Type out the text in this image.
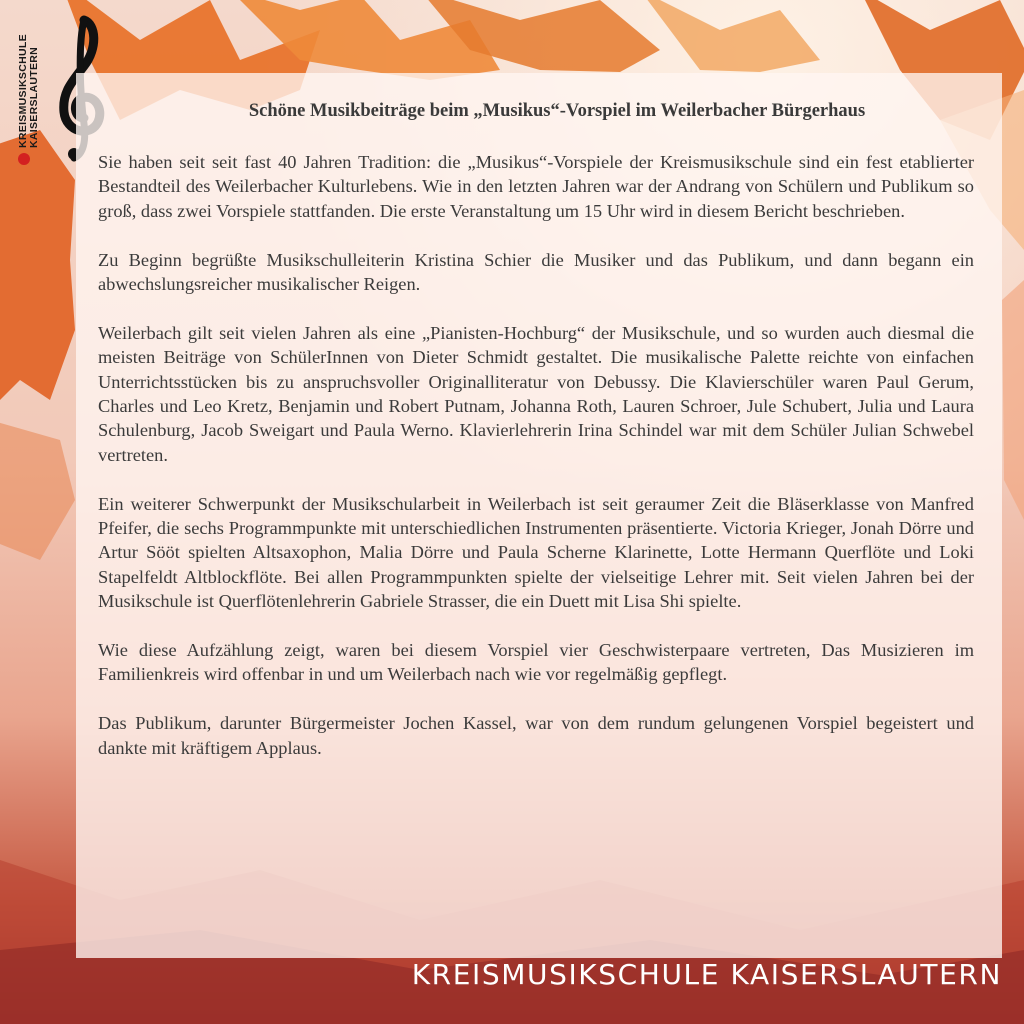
KREISMUSIKSCHULE KAISERSLAUTERN	Schöne Musikbeiträge beim „Musikus“-Vorspiel im Weilerbacher Bürgerhaus

Sie haben seit seit fast 40 Jahren Tradition: die „Musikus“-Vorspiele der Kreismusikschule sind ein fest etablierter Bestandteil des Weilerbacher Kulturlebens. Wie in den letzten Jahren war der Andrang von Schülern und Publikum so groß, dass zwei Vorspiele stattfanden. Die erste Veranstaltung um 15 Uhr wird in diesem Bericht beschrieben.

Zu Beginn begrüßte Musikschulleiterin Kristina Schier die Musiker und das Publikum, und dann begann ein abwechslungsreicher musikalischer Reigen.

Weilerbach gilt seit vielen Jahren als eine „Pianisten-Hochburg“ der Musikschule, und so wurden auch diesmal die meisten Beiträge von SchülerInnen von Dieter Schmidt gestaltet. Die musikalische Palette reichte von einfachen Unterrichtsstücken bis zu anspruchsvoller Originalliteratur von Debussy. Die Klavierschüler waren Paul Gerum, Charles und Leo Kretz, Benjamin und Robert Putnam, Johanna Roth, Lauren Schroer, Jule Schubert, Julia und Laura Schulenburg, Jacob Sweigart und Paula Werno. Klavierlehrerin Irina Schindel war mit dem Schüler Julian Schwebel vertreten.

Ein weiterer Schwerpunkt der Musikschularbeit in Weilerbach ist seit geraumer Zeit die Bläserklasse von Manfred Pfeifer, die sechs Programmpunkte mit unterschiedlichen Instrumenten präsentierte. Victoria Krieger, Jonah Dörre und Artur Sööt spielten Altsaxophon, Malia Dörre und Paula Scherne Klarinette, Lotte Hermann Querflöte und Loki Stapelfeldt Altblockflöte. Bei allen Programmpunkten spielte der vielseitige Lehrer mit. Seit vielen Jahren bei der Musikschule ist Querflötenlehrerin Gabriele Strasser, die ein Duett mit Lisa Shi spielte.

Wie diese Aufzählung zeigt, waren bei diesem Vorspiel vier Geschwisterpaare vertreten, Das Musizieren im Familienkreis wird offenbar in und um Weilerbach nach wie vor regelmäßig gepflegt.

Das Publikum, darunter Bürgermeister Jochen Kassel, war von dem rundum gelungenen Vorspiel begeistert und dankte mit kräftigem Applaus.

KREISMUSIKSCHULE KAISERSLAUTERN
